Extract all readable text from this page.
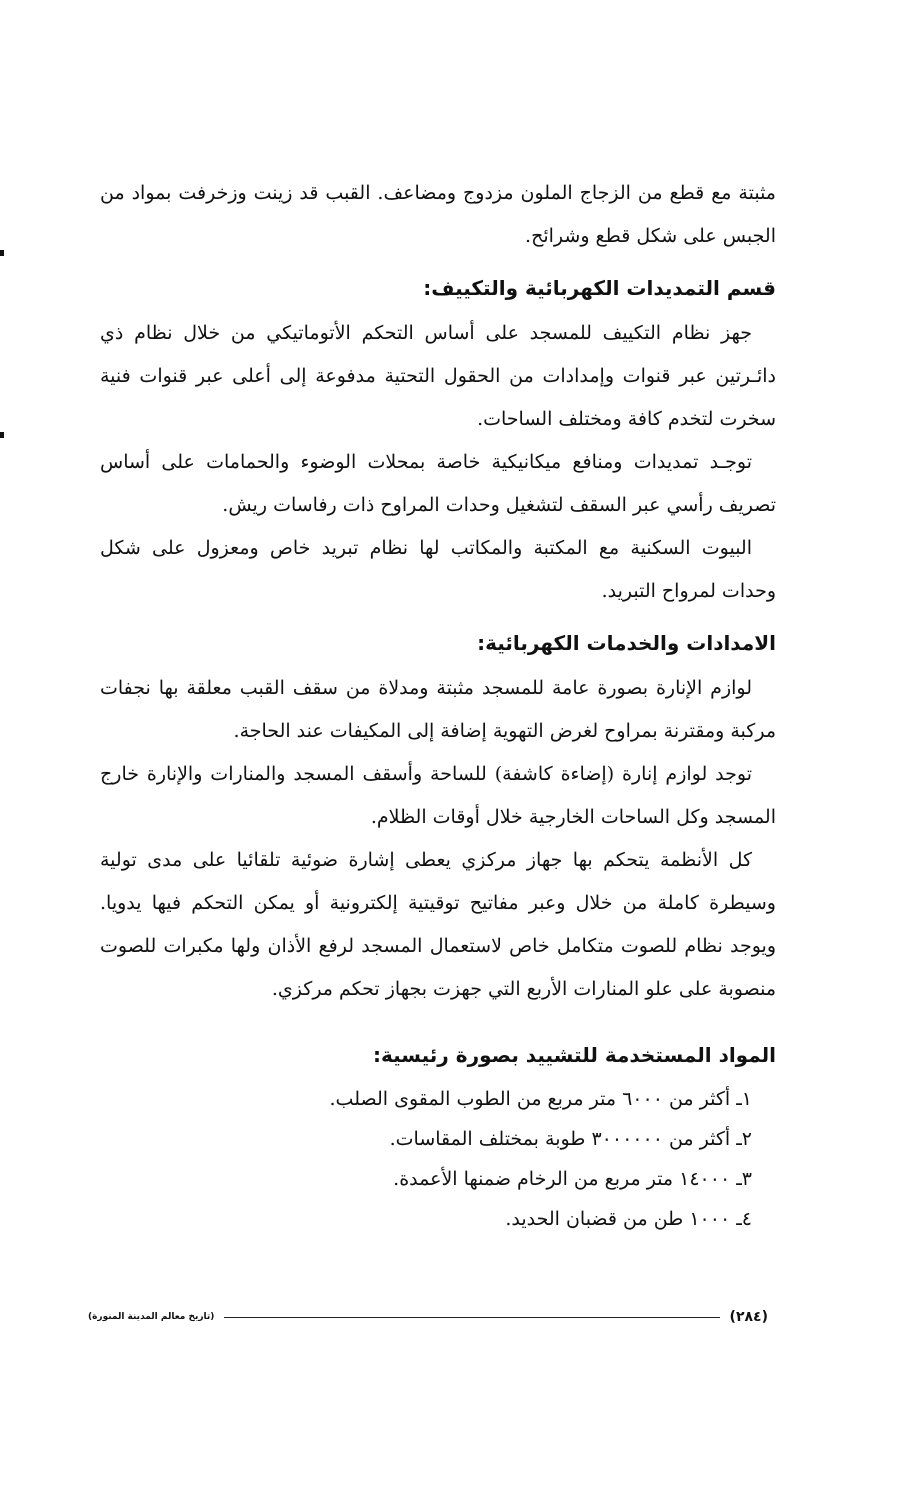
مثبتة مع قطع من الزجاج الملون مزدوج ومضاعف. القبب قد زينت وزخرفت بمواد من الجبس على شكل قطع وشرائح.

قسم التمديدات الكهربائية والتكييف:

جهز نظام التكييف للمسجد على أساس التحكم الأتوماتيكي من خلال نظام ذي دائـرتين عبر قنوات وإمدادات من الحقول التحتية مدفوعة إلى أعلى عبر قنوات فنية سخرت لتخدم كافة ومختلف الساحات.

توجـد تمديدات ومنافع ميكانيكية خاصة بمحلات الوضوء والحمامات على أساس تصريف رأسي عبر السقف لتشغيل وحدات المراوح ذات رفاسات ريش.

البيوت السكنية مع المكتبة والمكاتب لها نظام تبريد خاص ومعزول على شكل وحدات لمرواح التبريد.

الامدادات والخدمات الكهربائية:

لوازم الإنارة بصورة عامة للمسجد مثبتة ومدلاة من سقف القبب معلقة بها نجفات مركبة ومقترنة بمراوح لغرض التهوية إضافة إلى المكيفات عند الحاجة.

توجد لوازم إنارة (إضاءة كاشفة) للساحة وأسقف المسجد والمنارات والإنارة خارج المسجد وكل الساحات الخارجية خلال أوقات الظلام.

كل الأنظمة يتحكم بها جهاز مركزي يعطى إشارة ضوئية تلقائيا على مدى تولية وسيطرة كاملة من خلال وعبر مفاتيح توقيتية إلكترونية أو يمكن التحكم فيها يدويا. ويوجد نظام للصوت متكامل خاص لاستعمال المسجد لرفع الأذان ولها مكبرات للصوت منصوبة على علو المنارات الأربع التي جهزت بجهاز تحكم مركزي.

المواد المستخدمة للتشييد بصورة رئيسية:
١ـ أكثر من ٦٠٠٠ متر مربع من الطوب المقوى الصلب.
٢ـ أكثر من ٣٠٠٠٠٠٠ طوبة بمختلف المقاسات.
٣ـ ١٤٠٠٠ متر مربع من الرخام ضمنها الأعمدة.
٤ـ ١٠٠٠ طن من قضبان الحديد.
(٢٨٤)
(تاريخ معالم المدينة المنورة)
